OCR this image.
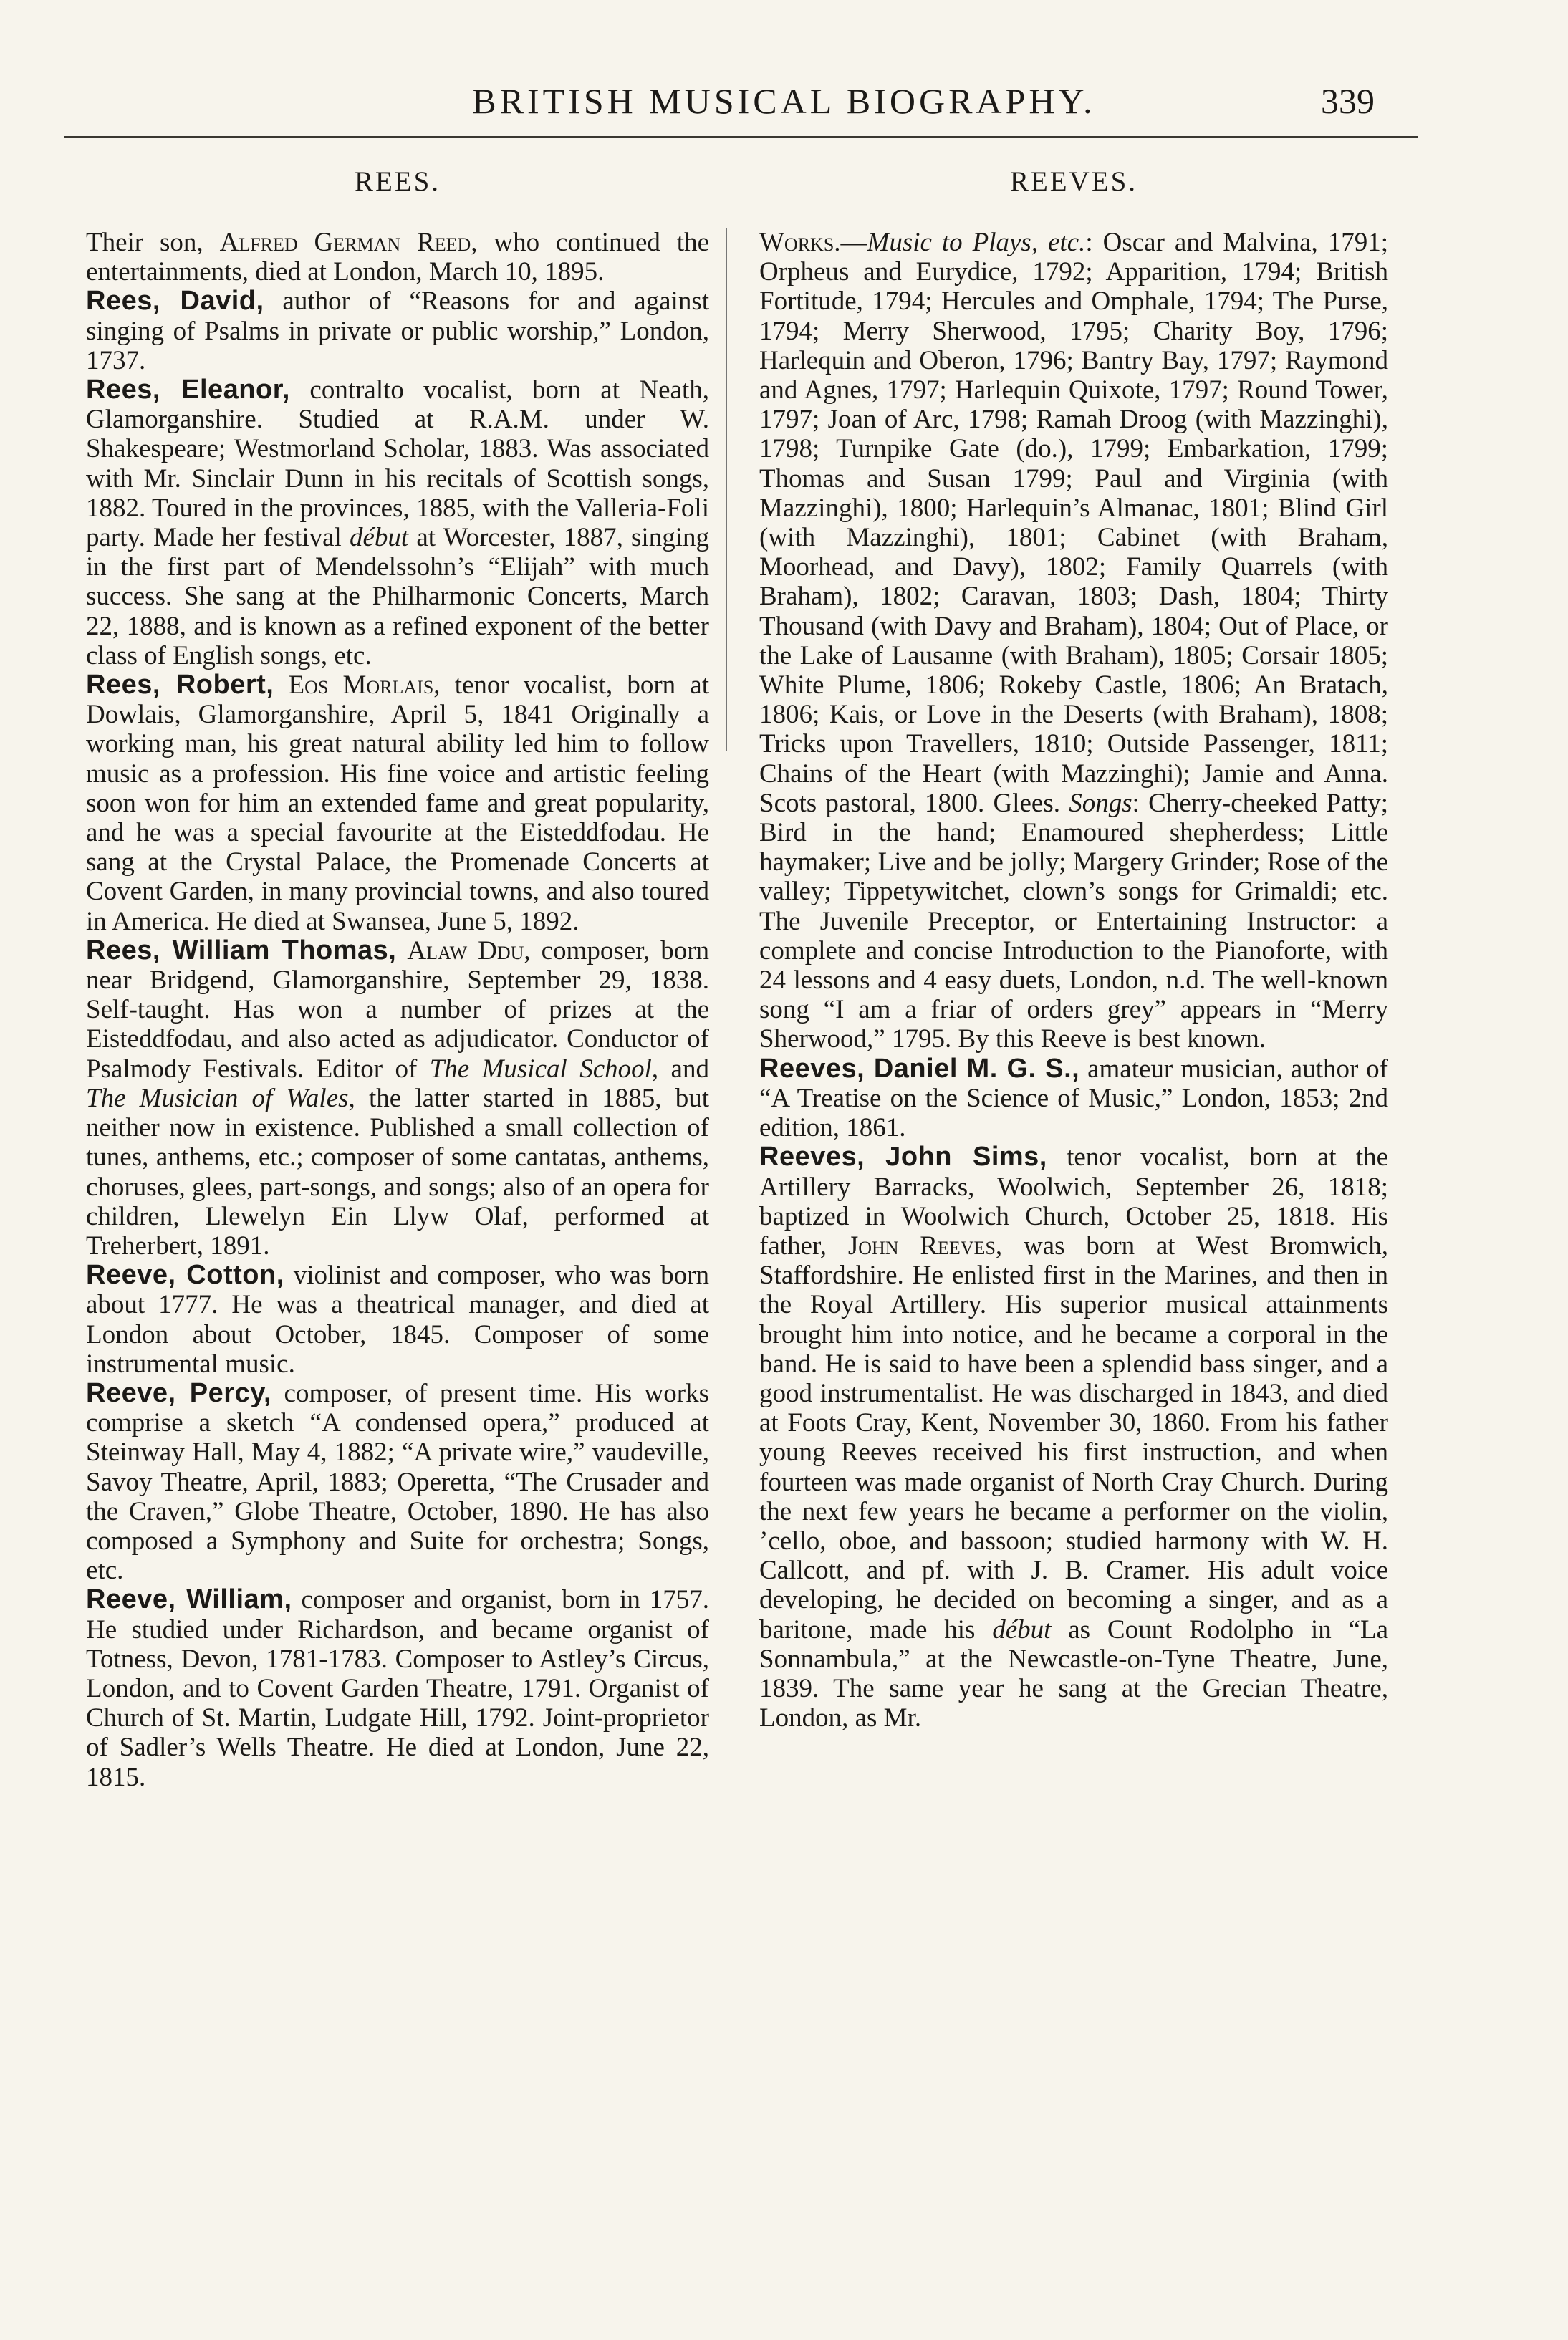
BRITISH MUSICAL BIOGRAPHY.	339
REES.
Their son, Alfred German Reed, who continued the entertainments, died at London, March 10, 1895.
Rees, David, author of “Reasons for and against singing of Psalms in private or public worship,” London, 1737.
Rees, Eleanor, contralto vocalist, born at Neath, Glamorganshire. Studied at R.A.M. under W. Shakespeare; Westmorland Scholar, 1883. Was associated with Mr. Sinclair Dunn in his recitals of Scottish songs, 1882. Toured in the provinces, 1885, with the Valleria-Foli party. Made her festival début at Worcester, 1887, singing in the first part of Mendelssohn’s “Elijah” with much success. She sang at the Philharmonic Concerts, March 22, 1888, and is known as a refined exponent of the better class of English songs, etc.
Rees, Robert, Eos Morlais, tenor vocalist, born at Dowlais, Glamorganshire, April 5, 1841 Originally a working man, his great natural ability led him to follow music as a profession. His fine voice and artistic feeling soon won for him an extended fame and great popularity, and he was a special favourite at the Eisteddfodau. He sang at the Crystal Palace, the Promenade Concerts at Covent Garden, in many provincial towns, and also toured in America. He died at Swansea, June 5, 1892.
Rees, William Thomas, Alaw Ddu, composer, born near Bridgend, Glamorganshire, September 29, 1838. Self-taught. Has won a number of prizes at the Eisteddfodau, and also acted as adjudicator. Conductor of Psalmody Festivals. Editor of The Musical School, and The Musician of Wales, the latter started in 1885, but neither now in existence. Published a small collection of tunes, anthems, etc.; composer of some cantatas, anthems, choruses, glees, part-songs, and songs; also of an opera for children, Llewelyn Ein Llyw Olaf, performed at Treherbert, 1891.
Reeve, Cotton, violinist and composer, who was born about 1777. He was a theatrical manager, and died at London about October, 1845. Composer of some instrumental music.
Reeve, Percy, composer, of present time. His works comprise a sketch “A condensed opera,” produced at Steinway Hall, May 4, 1882; “A private wire,” vaudeville, Savoy Theatre, April, 1883; Operetta, “The Crusader and the Craven,” Globe Theatre, October, 1890. He has also composed a Symphony and Suite for orchestra; Songs, etc.
Reeve, William, composer and organist, born in 1757. He studied under Richardson, and became organist of Totness, Devon, 1781-1783. Composer to Astley’s Circus, London, and to Covent Garden Theatre, 1791. Organist of Church of St. Martin, Ludgate Hill, 1792. Joint-proprietor of Sadler’s Wells Theatre. He died at London, June 22, 1815.
REEVES.
Works.—Music to Plays, etc.: Oscar and Malvina, 1791; Orpheus and Eurydice, 1792; Apparition, 1794; British Fortitude, 1794; Hercules and Omphale, 1794; The Purse, 1794; Merry Sherwood, 1795; Charity Boy, 1796; Harlequin and Oberon, 1796; Bantry Bay, 1797; Raymond and Agnes, 1797; Harlequin Quixote, 1797; Round Tower, 1797; Joan of Arc, 1798; Ramah Droog (with Mazzinghi), 1798; Turnpike Gate (do.), 1799; Embarkation, 1799; Thomas and Susan 1799; Paul and Virginia (with Mazzinghi), 1800; Harlequin’s Almanac, 1801; Blind Girl (with Mazzinghi), 1801; Cabinet (with Braham, Moorhead, and Davy), 1802; Family Quarrels (with Braham), 1802; Caravan, 1803; Dash, 1804; Thirty Thousand (with Davy and Braham), 1804; Out of Place, or the Lake of Lausanne (with Braham), 1805; Corsair 1805; White Plume, 1806; Rokeby Castle, 1806; An Bratach, 1806; Kais, or Love in the Deserts (with Braham), 1808; Tricks upon Travellers, 1810; Outside Passenger, 1811; Chains of the Heart (with Mazzinghi); Jamie and Anna. Scots pastoral, 1800. Glees. Songs: Cherry-cheeked Patty; Bird in the hand; Enamoured shepherdess; Little haymaker; Live and be jolly; Margery Grinder; Rose of the valley; Tippetywitchet, clown’s songs for Grimaldi; etc. The Juvenile Preceptor, or Entertaining Instructor: a complete and concise Introduction to the Pianoforte, with 24 lessons and 4 easy duets, London, n.d. The well-known song “I am a friar of orders grey” appears in “Merry Sherwood,” 1795. By this Reeve is best known.
Reeves, Daniel M. G. S., amateur musician, author of “A Treatise on the Science of Music,” London, 1853; 2nd edition, 1861.
Reeves, John Sims, tenor vocalist, born at the Artillery Barracks, Woolwich, September 26, 1818; baptized in Woolwich Church, October 25, 1818. His father, John Reeves, was born at West Bromwich, Staffordshire. He enlisted first in the Marines, and then in the Royal Artillery. His superior musical attainments brought him into notice, and he became a corporal in the band. He is said to have been a splendid bass singer, and a good instrumentalist. He was discharged in 1843, and died at Foots Cray, Kent, November 30, 1860. From his father young Reeves received his first instruction, and when fourteen was made organist of North Cray Church. During the next few years he became a performer on the violin, ’cello, oboe, and bassoon; studied harmony with W. H. Callcott, and pf. with J. B. Cramer. His adult voice developing, he decided on becoming a singer, and as a baritone, made his début as Count Rodolpho in “La Sonnambula,” at the Newcastle-on-Tyne Theatre, June, 1839. The same year he sang at the Grecian Theatre, London, as Mr.
